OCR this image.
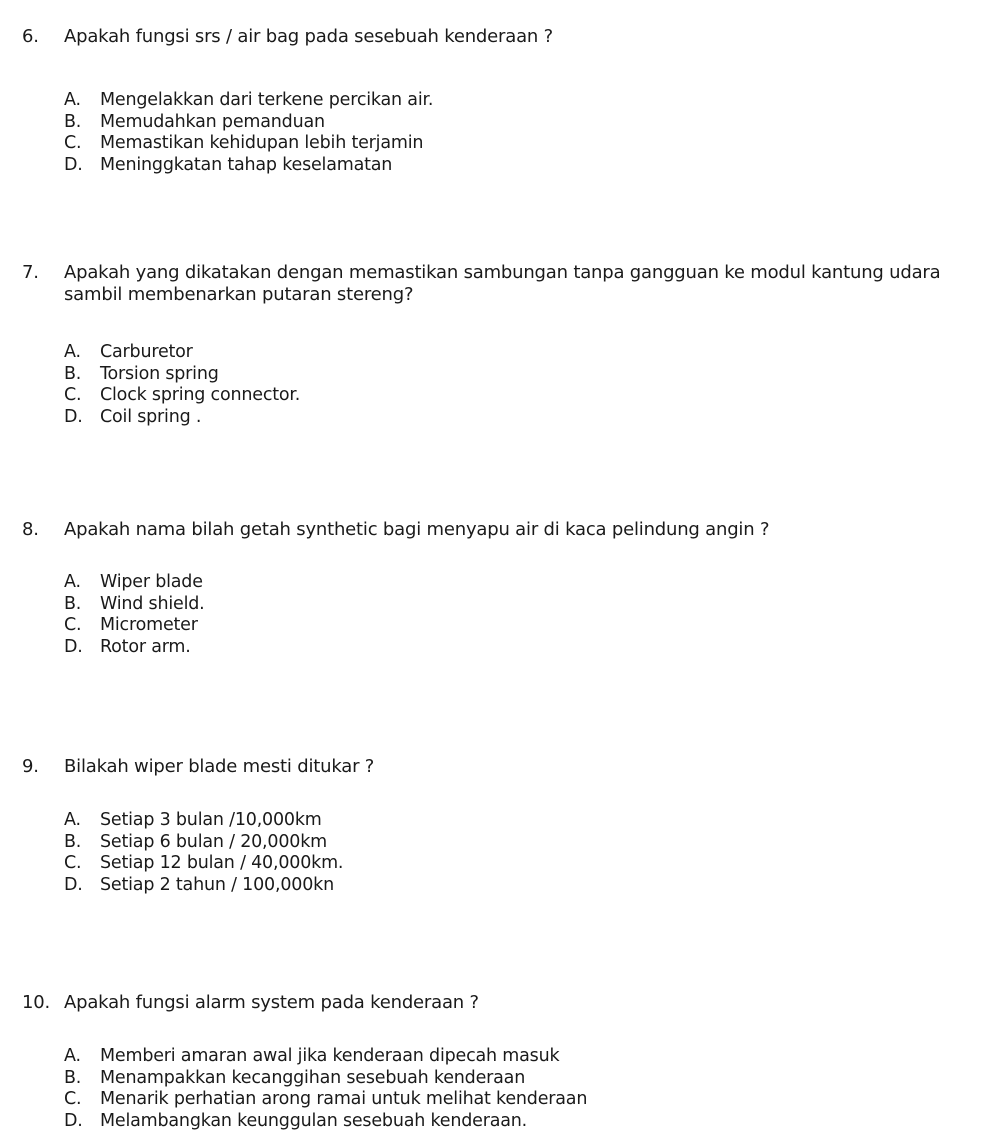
6.	Apakah fungsi srs / air bag pada sesebuah kenderaan ?
A.	Mengelakkan dari terkene percikan air.
B.	Memudahkan pemanduan
C.	Memastikan kehidupan lebih terjamin
D. Meninggkatan tahap keselamatan
7.	Apakah yang dikatakan dengan memastikan sambungan tanpa gangguan ke modul kantung udara sambil membenarkan putaran stereng?
A.	Carburetor
B.	Torsion spring
C.	Clock spring connector.
D. Coil spring .
8.	Apakah nama bilah getah synthetic bagi menyapu air di kaca pelindung angin ?
A.	Wiper blade
B.	Wind shield.
C.	Micrometer
D. Rotor arm.
9.	Bilakah wiper blade mesti ditukar ?
A.	Setiap 3 bulan /10,000km
B.	Setiap 6 bulan / 20,000km
C.	Setiap 12 bulan / 40,000km.
D. Setiap 2 tahun / 100,000kn
10. Apakah fungsi alarm system pada kenderaan ?
A.	Memberi amaran awal jika kenderaan dipecah masuk
B.	Menampakkan kecanggihan sesebuah kenderaan
C.	Menarik perhatian arong ramai untuk melihat kenderaan
D. Melambangkan keunggulan sesebuah kenderaan.
